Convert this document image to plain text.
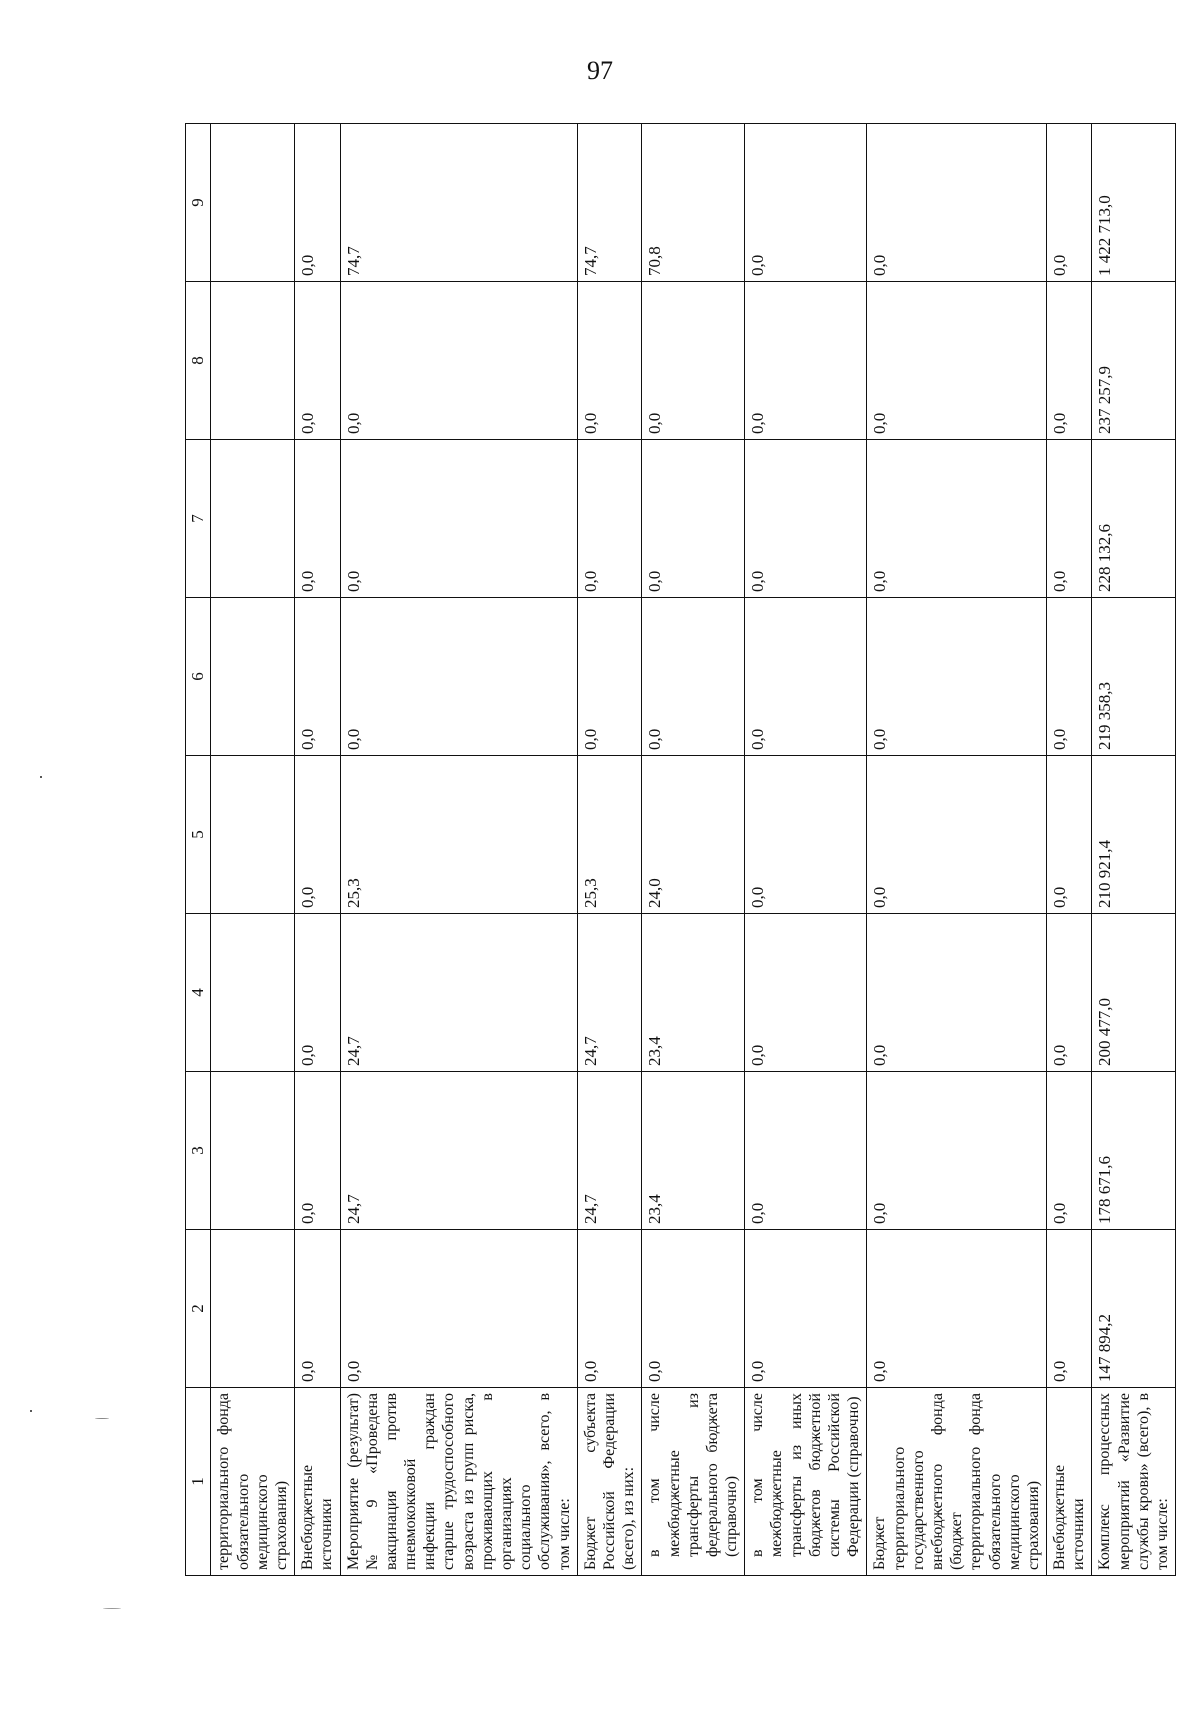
97
1	2	3	4	5	6	7	8	9
территориального фонда обязательного медицинского страхования)								
Внебюджетные источники	0,0	0,0	0,0	0,0	0,0	0,0	0,0	0,0
Мероприятие (результат) № 9 «Проведена вакцинация против пневмококковой инфекции граждан старше трудоспособного возраста из групп риска, проживающих в организациях социального обслуживания», всего, в том числе:	0,0	24,7	24,7	25,3	0,0	0,0	0,0	74,7
Бюджет субъекта Российской Федерации (всего), из них:	0,0	24,7	24,7	25,3	0,0	0,0	0,0	74,7
в том числе межбюджетные трансферты из федерального бюджета (справочно)	0,0	23,4	23,4	24,0	0,0	0,0	0,0	70,8
в том числе межбюджетные трансферты из иных бюджетов бюджетной системы Российской Федерации (справочно)	0,0	0,0	0,0	0,0	0,0	0,0	0,0	0,0
Бюджет территориального государственного внебюджетного фонда (бюджет территориального фонда обязательного медицинского страхования)	0,0	0,0	0,0	0,0	0,0	0,0	0,0	0,0
Внебюджетные источники	0,0	0,0	0,0	0,0	0,0	0,0	0,0	0,0
Комплекс процессных мероприятий «Развитие службы крови» (всего), в том числе:	147 894,2	178 671,6	200 477,0	210 921,4	219 358,3	228 132,6	237 257,9	1 422 713,0
